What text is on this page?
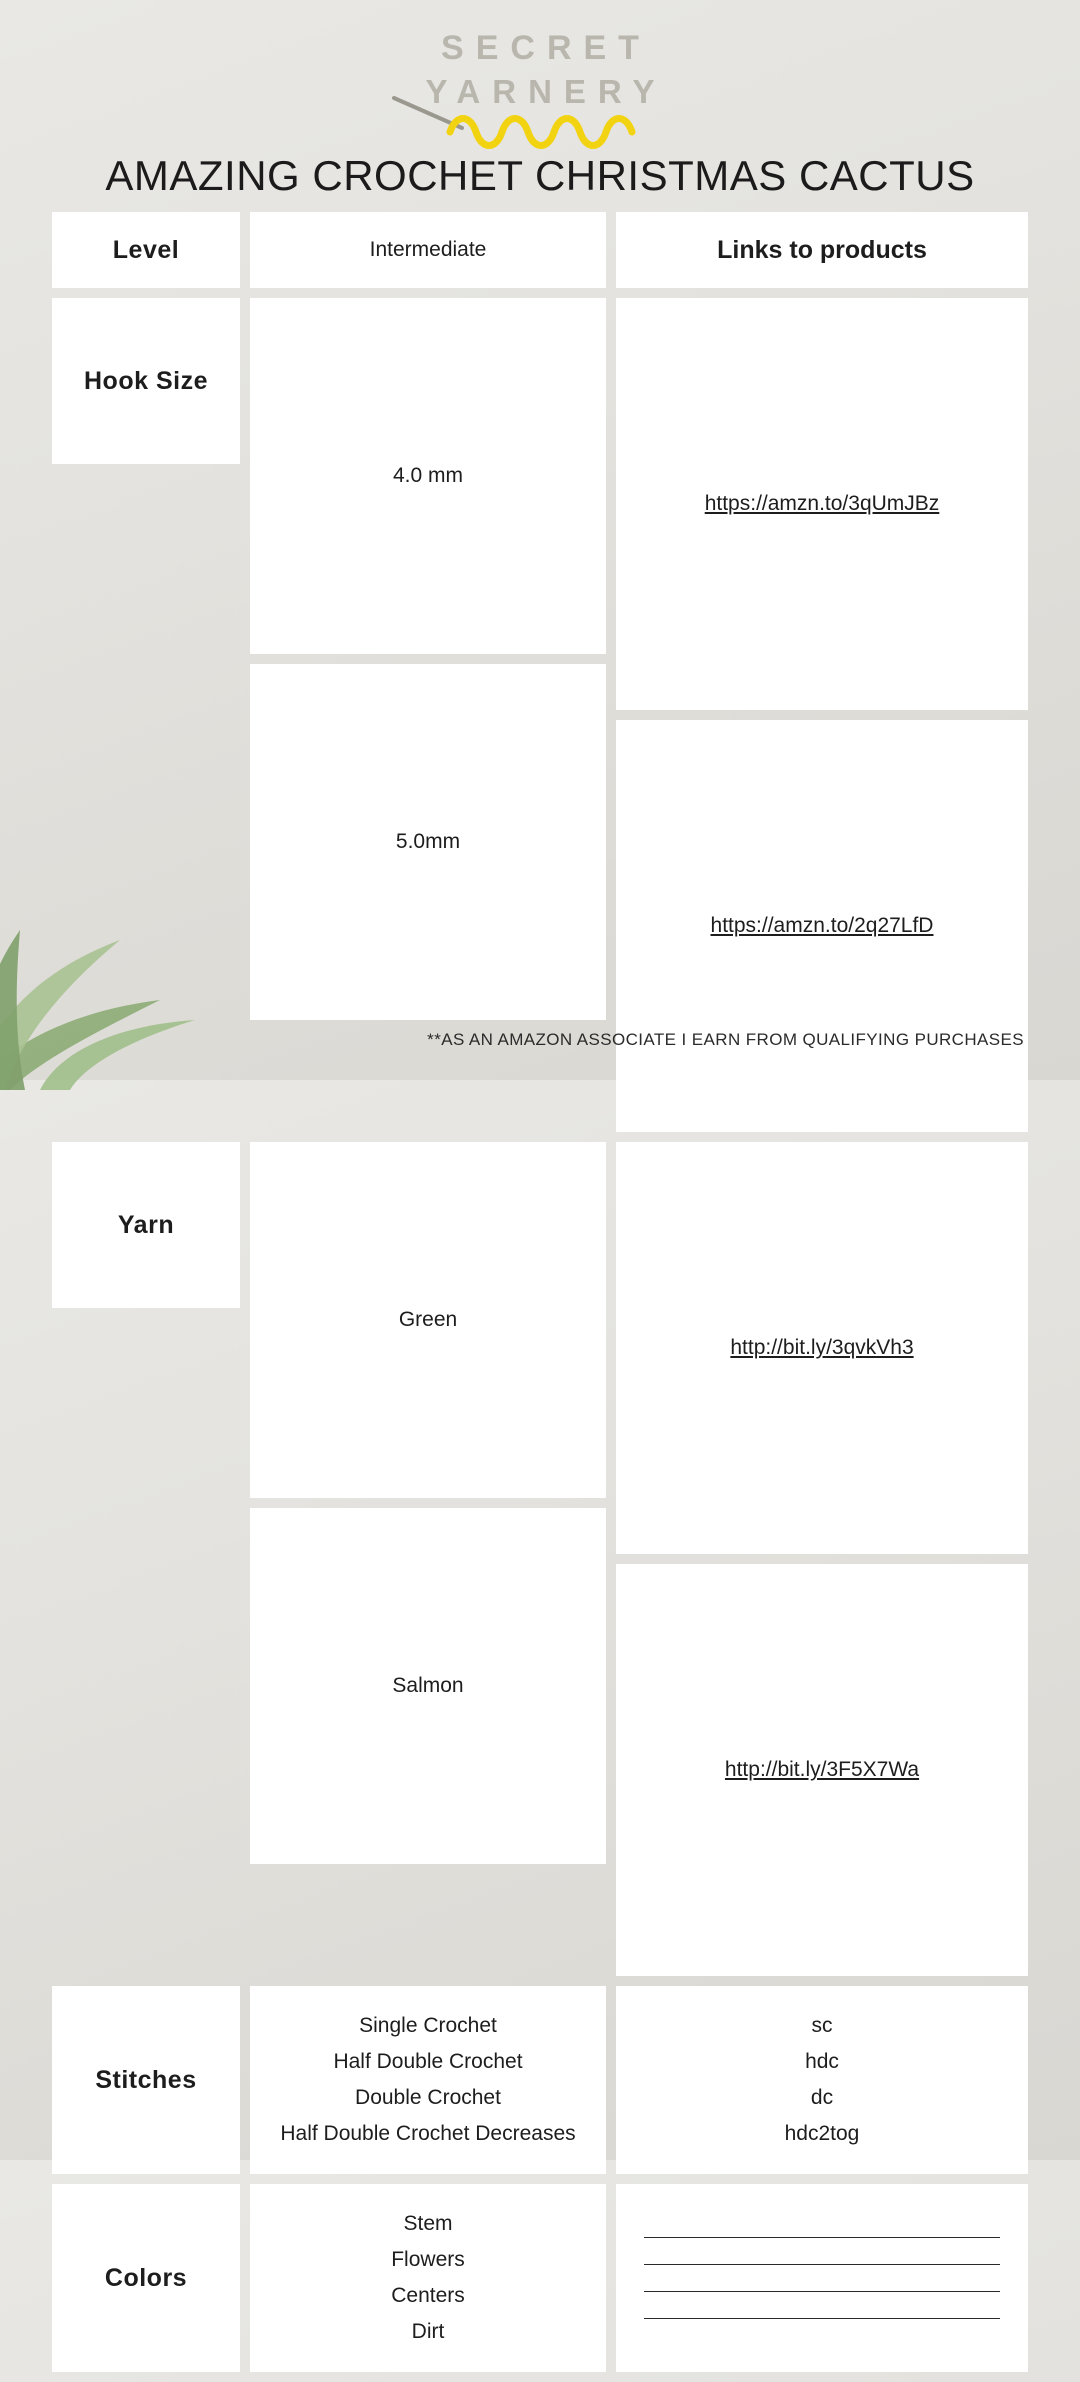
SECRET
YARNERY
AMAZING CROCHET CHRISTMAS CACTUS
Level	Intermediate	Links to products
Hook Size
4.0 mm
5.0mm
https://amzn.to/3qUmJBz
https://amzn.to/2q27LfD
Yarn
Green
Salmon
http://bit.ly/3qvkVh3
http://bit.ly/3F5X7Wa
Stitches
Single Crochet
Half Double Crochet
Double Crochet
Half Double Crochet Decreases
sc
hdc
dc
hdc2tog
Colors
Stem
Flowers
Centers
Dirt
**AS AN AMAZON ASSOCIATE I EARN FROM QUALIFYING PURCHASES
